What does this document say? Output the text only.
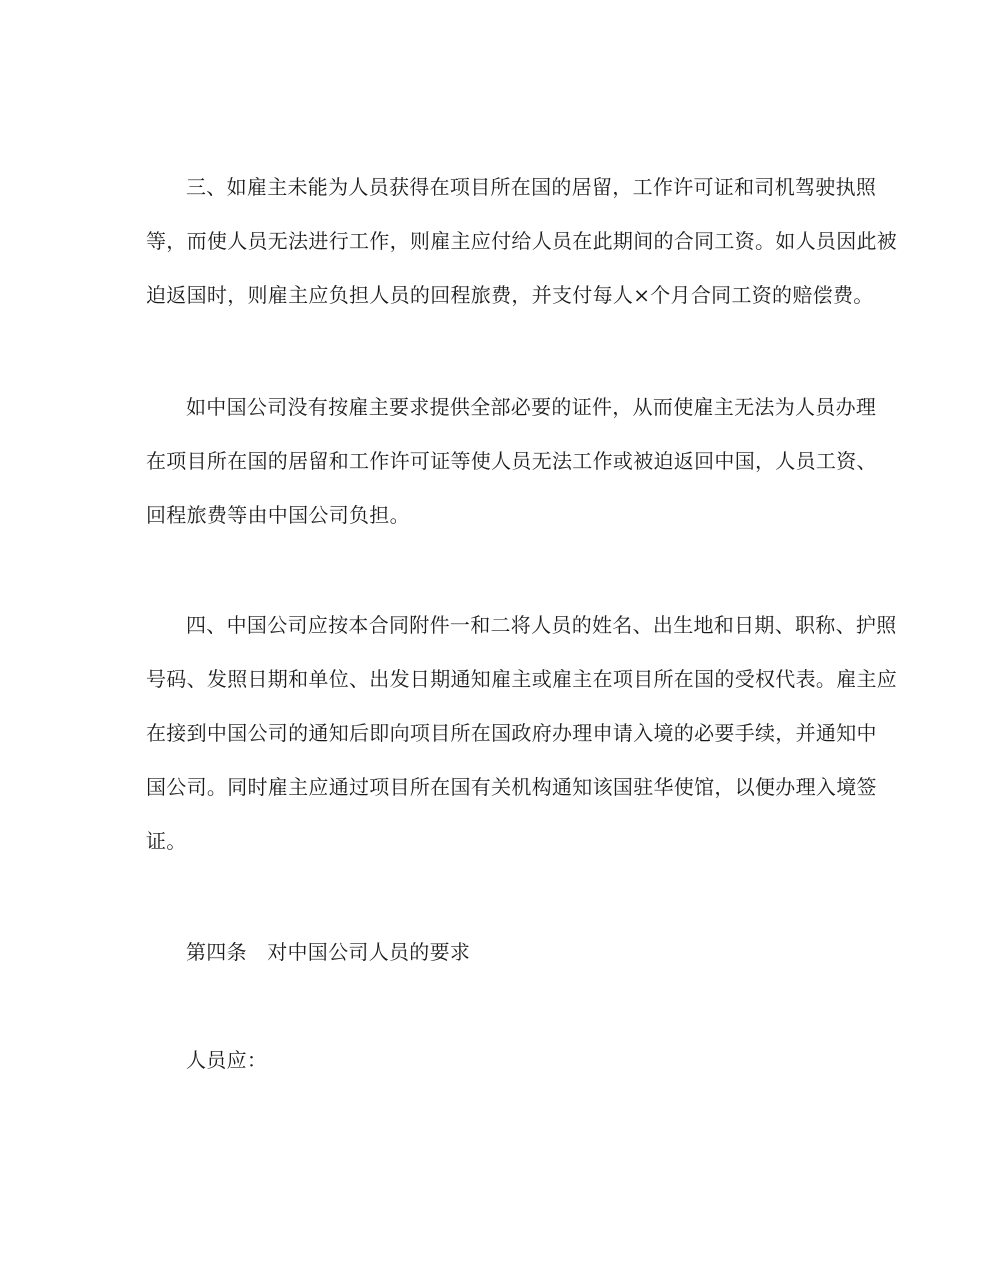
三、如雇主未能为人员获得在项目所在国的居留，工作许可证和司机驾驶执照
等，而使人员无法进行工作，则雇主应付给人员在此期间的合同工资。如人员因此被
迫返国时，则雇主应负担人员的回程旅费，并支付每人×个月合同工资的赔偿费。
如中国公司没有按雇主要求提供全部必要的证件，从而使雇主无法为人员办理
在项目所在国的居留和工作许可证等使人员无法工作或被迫返回中国，人员工资、
回程旅费等由中国公司负担。
四、中国公司应按本合同附件一和二将人员的姓名、出生地和日期、职称、护照
号码、发照日期和单位、出发日期通知雇主或雇主在项目所在国的受权代表。雇主应
在接到中国公司的通知后即向项目所在国政府办理申请入境的必要手续，并通知中
国公司。同时雇主应通过项目所在国有关机构通知该国驻华使馆，以便办理入境签
证。
第四条　对中国公司人员的要求
人员应：
